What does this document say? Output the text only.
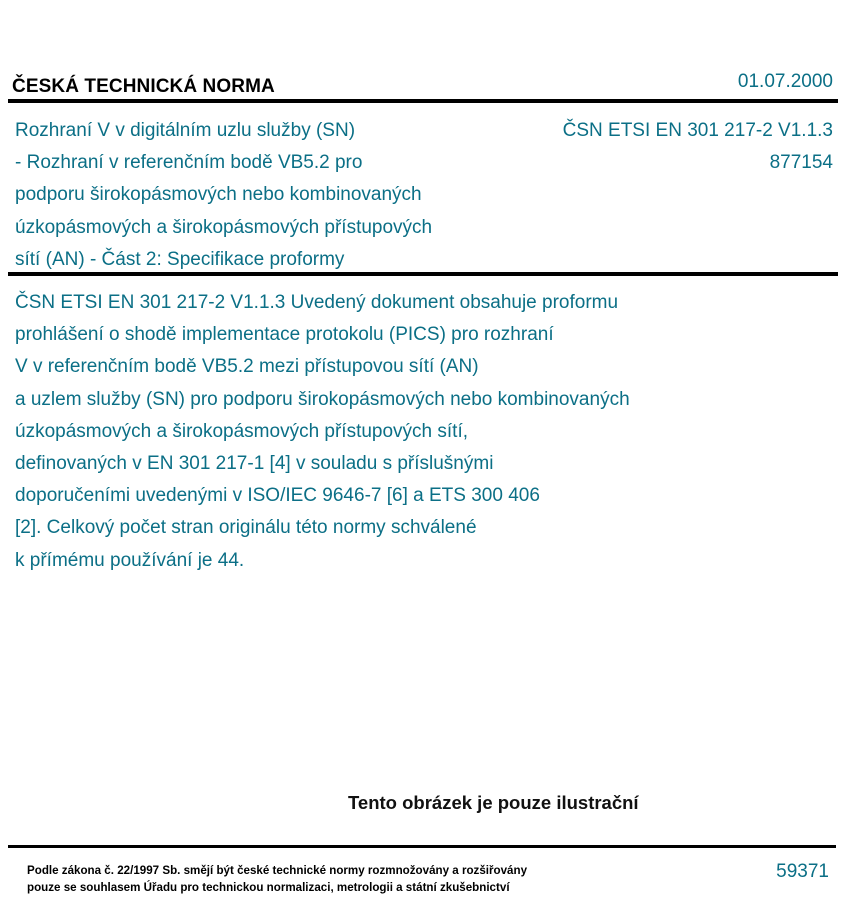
ČESKÁ TECHNICKÁ NORMA	01.07.2000
Rozhraní V v digitálním uzlu služby (SN)
- Rozhraní v referenčním bodě VB5.2 pro
podporu širokopásmových nebo kombinovaných
úzkopásmových a širokopásmových přístupových
sítí (AN) - Část 2: Specifikace proformy
ČSN ETSI EN 301 217-2 V1.1.3
877154
ČSN ETSI EN 301 217-2 V1.1.3 Uvedený dokument obsahuje proformu
prohlášení o shodě implementace protokolu (PICS) pro rozhraní
V v referenčním bodě VB5.2 mezi přístupovou sítí (AN)
a uzlem služby (SN) pro podporu širokopásmových nebo kombinovaných
úzkopásmových a širokopásmových přístupových sítí,
definovaných v EN 301 217-1 [4] v souladu s příslušnými
doporučeními uvedenými v ISO/IEC 9646-7 [6] a ETS 300 406
[2]. Celkový počet stran originálu této normy schválené
k přímému používání je 44.
Tento obrázek je pouze ilustrační
Podle zákona č. 22/1997 Sb. smějí být české technické normy rozmnožovány a rozšiřovány
pouze se souhlasem Úřadu pro technickou normalizaci, metrologii a státní zkušebnictví
59371
